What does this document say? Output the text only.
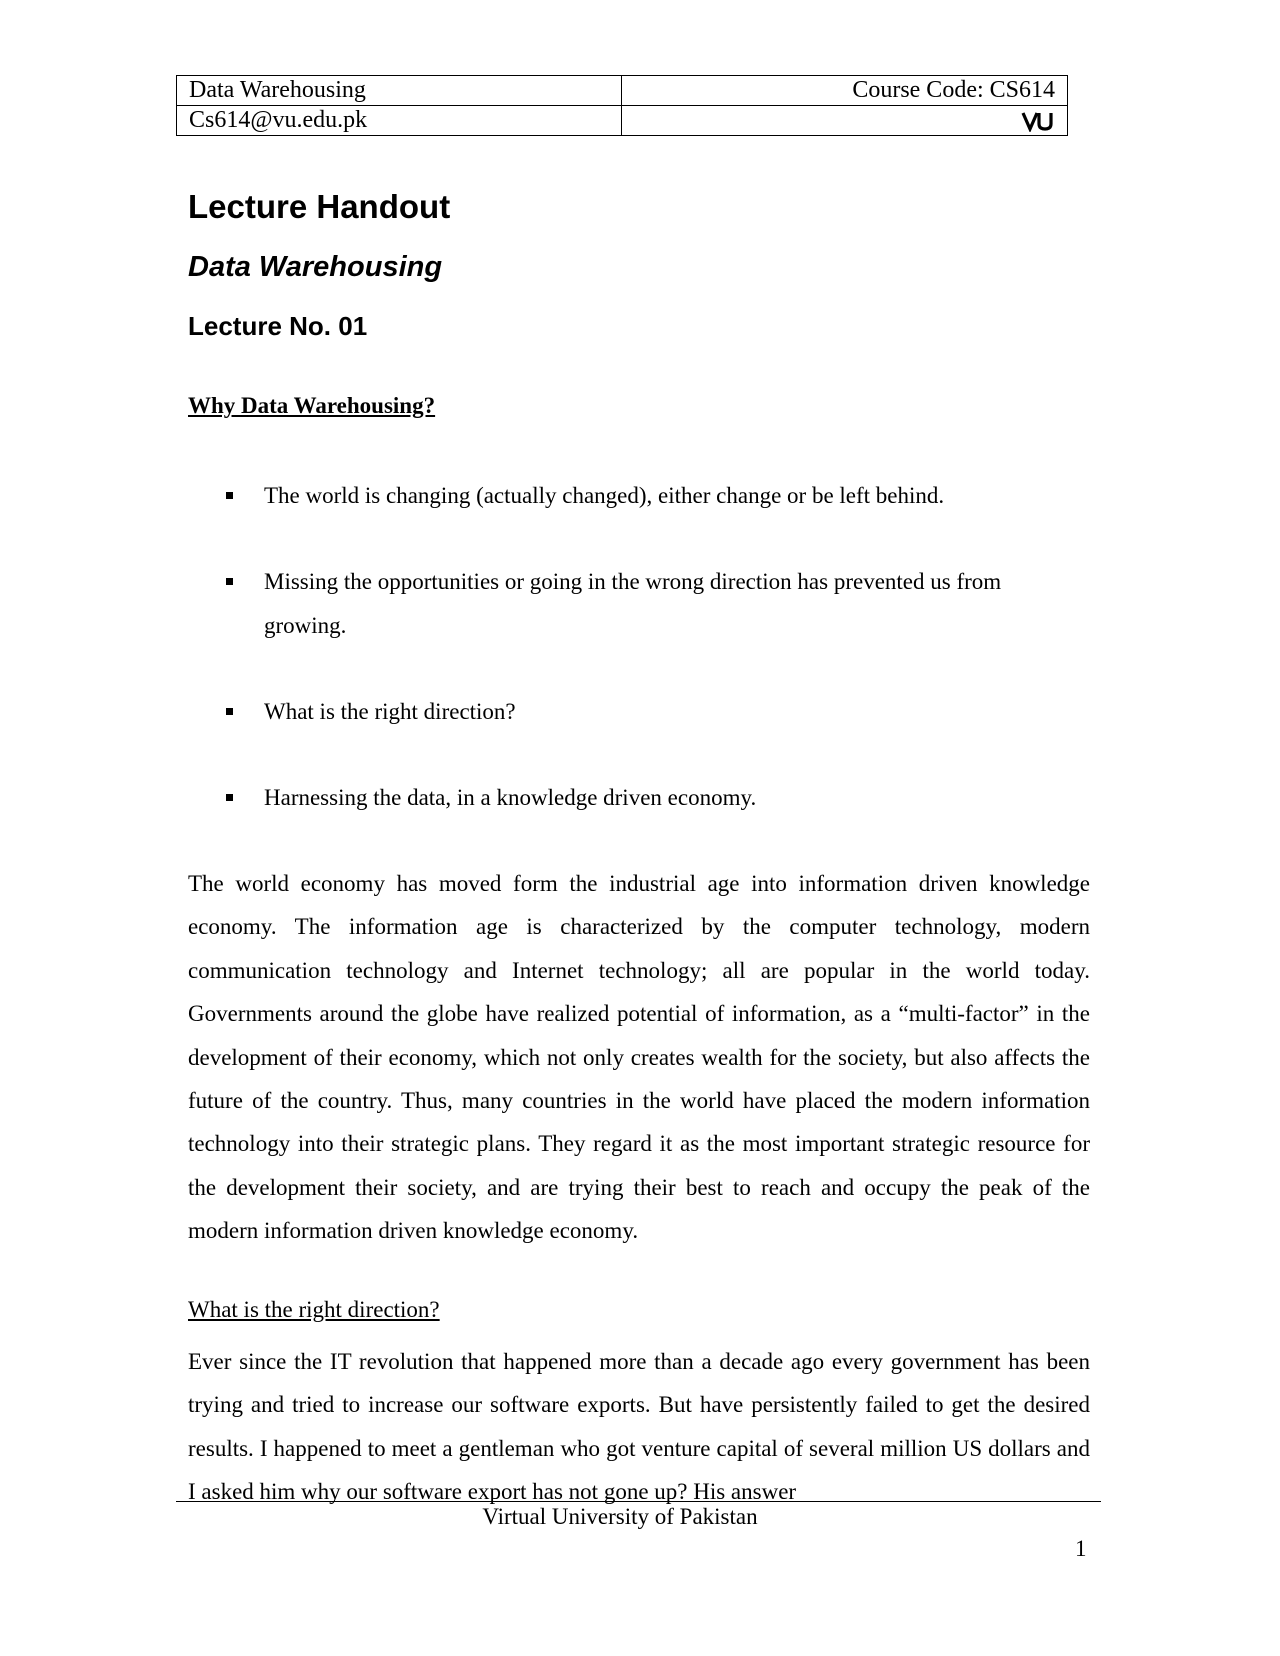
Data Warehousing	Course Code: CS614
Cs614@vu.edu.pk	
Lecture Handout
Data Warehousing
Lecture No. 01

Why Data Warehousing?

The world is changing (actually changed), either change or be left behind.
Missing the opportunities or going in the wrong direction has prevented us from growing.
What is the right direction?
Harnessing the data, in a knowledge driven economy.

The world economy has moved form the industrial age into information driven knowledge economy. The information age is characterized by the computer technology, modern communication technology and Internet technology; all are popular in the world today. Governments around the globe have realized potential of information, as a “multi-factor” in the development of their economy, which not only creates wealth for the society, but also affects the future of the country. Thus, many countries in the world have placed the modern information technology into their strategic plans. They regard it as the most important strategic resource for the development their society, and are trying their best to reach and occupy the peak of the modern information driven knowledge economy.

What is the right direction?

Ever since the IT revolution that happened more than a decade ago every government has been trying and tried to increase our software exports. But have persistently failed to get the desired results. I happened to meet a gentleman who got venture capital of several million US dollars and I asked him why our software export has not gone up? His answer

Virtual University of Pakistan

1
